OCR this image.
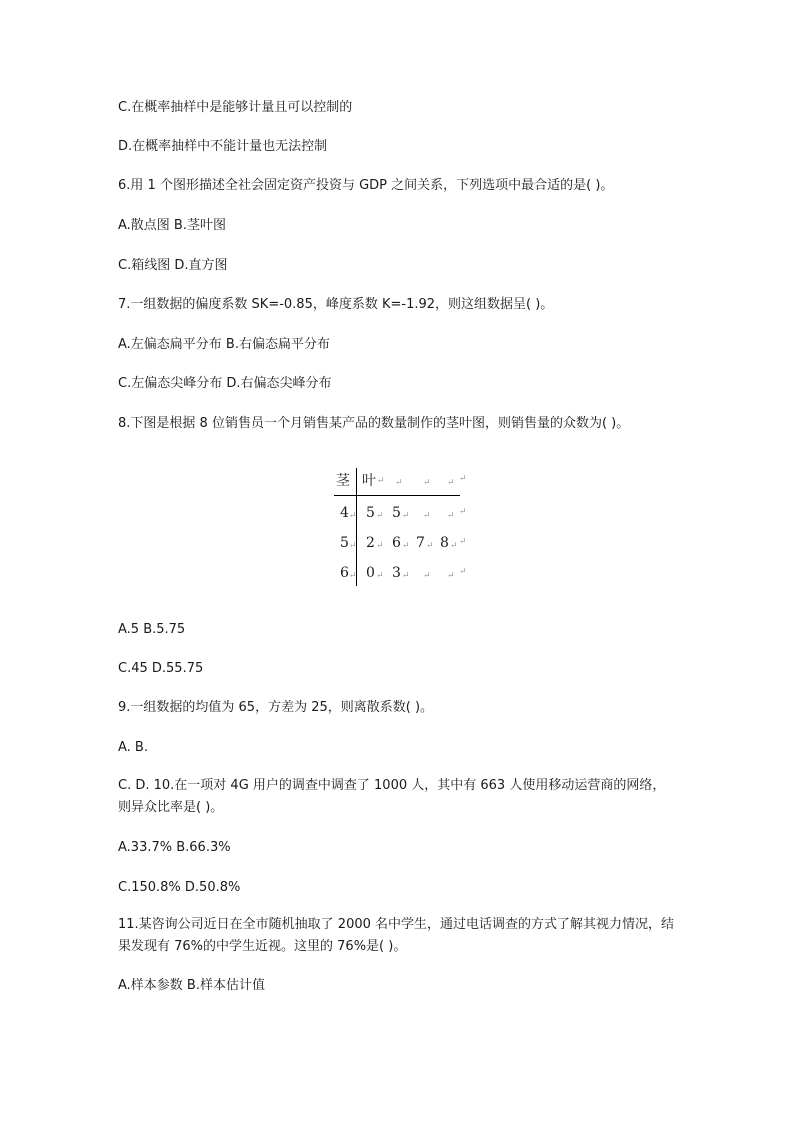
C.在概率抽样中是能够计量且可以控制的

D.在概率抽样中不能计量也无法控制

6.用 1 个图形描述全社会固定资产投资与 GDP 之间关系，下列选项中最合适的是( )。

A.散点图 B.茎叶图

C.箱线图 D.直方图

7.一组数据的偏度系数 SK=-0.85，峰度系数 K=-1.92，则这组数据呈( )。

A.左偏态扁平分布 B.右偏态扁平分布

C.左偏态尖峰分布 D.右偏态尖峰分布

8.下图是根据 8 位销售员一个月销售某产品的数量制作的茎叶图，则销售量的众数为( )。

茎 叶↵ ↵ ↵ ↵ ↵
4 ↵ 5 ↵ 5 ↵ ↵ ↵ ↵
5 ↵ 2 ↵ 6 ↵ 7 ↵ 8 ↵ ↵
6 ↵ 0 ↵ 3 ↵ ↵ ↵ ↵

A.5 B.5.75

C.45 D.55.75

9.一组数据的均值为 65，方差为 25，则离散系数( )。

A. B.

C. D. 10.在一项对 4G 用户的调查中调查了 1000 人，其中有 663 人使用移动运营商的网络，则异众比率是( )。

A.33.7% B.66.3%

C.150.8% D.50.8%

11.某咨询公司近日在全市随机抽取了 2000 名中学生，通过电话调查的方式了解其视力情况，结果发现有 76%的中学生近视。这里的 76%是( )。

A.样本参数 B.样本估计值
